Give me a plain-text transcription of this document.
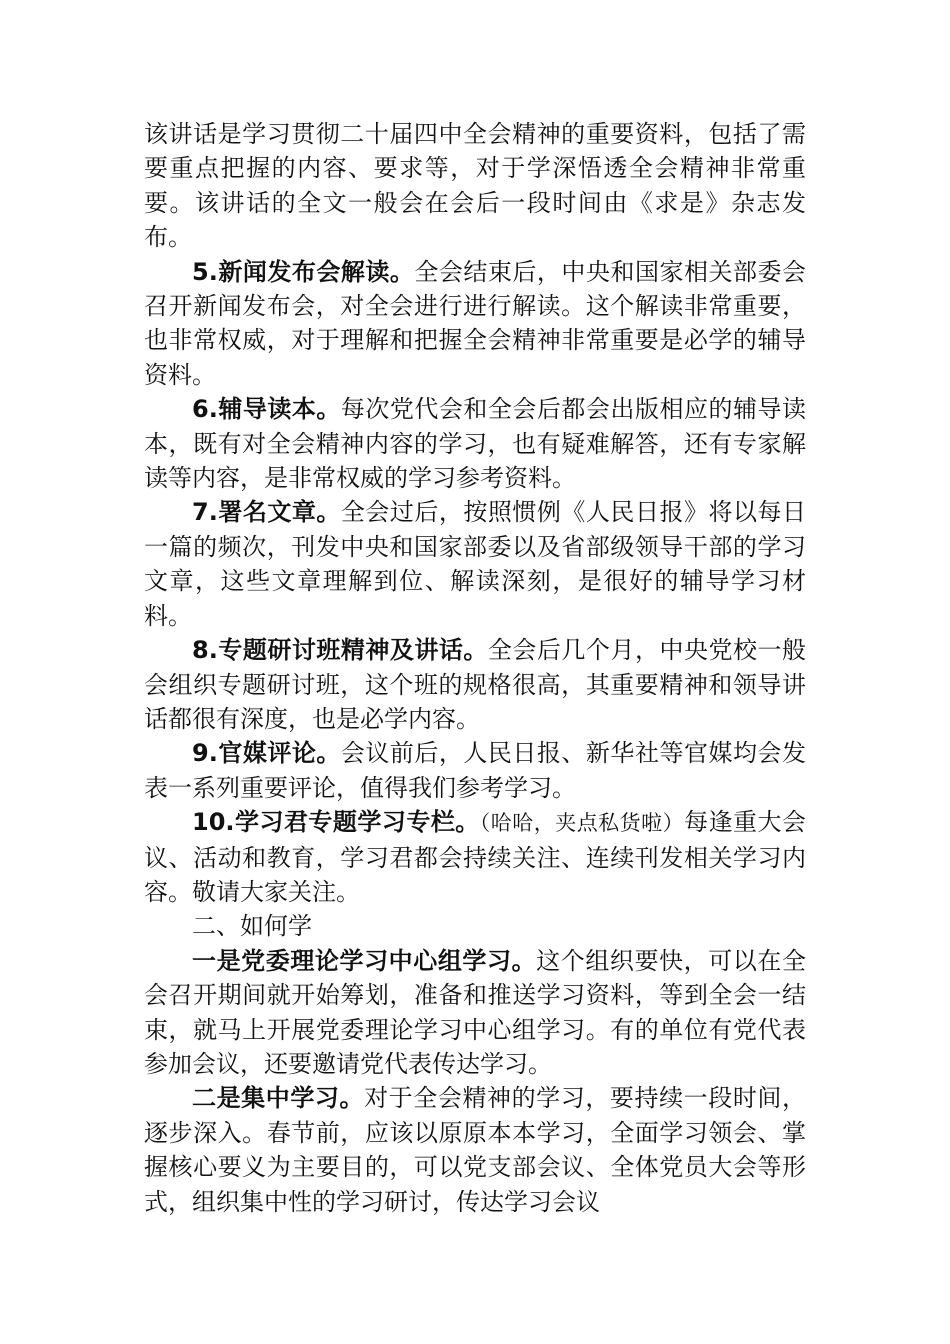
该讲话是学习贯彻二十届四中全会精神的重要资料，包括了需要重点把握的内容、要求等，对于学深悟透全会精神非常重要。该讲话的全文一般会在会后一段时间由《求是》杂志发布。

5.新闻发布会解读。全会结束后，中央和国家相关部委会召开新闻发布会，对全会进行进行解读。这个解读非常重要，也非常权威，对于理解和把握全会精神非常重要是必学的辅导资料。

6.辅导读本。每次党代会和全会后都会出版相应的辅导读本，既有对全会精神内容的学习，也有疑难解答，还有专家解读等内容，是非常权威的学习参考资料。

7.署名文章。全会过后，按照惯例《人民日报》将以每日一篇的频次，刊发中央和国家部委以及省部级领导干部的学习文章，这些文章理解到位、解读深刻，是很好的辅导学习材料。

8.专题研讨班精神及讲话。全会后几个月，中央党校一般会组织专题研讨班，这个班的规格很高，其重要精神和领导讲话都很有深度，也是必学内容。

9.官媒评论。会议前后，人民日报、新华社等官媒均会发表一系列重要评论，值得我们参考学习。

10.学习君专题学习专栏。（哈哈，夹点私货啦）每逢重大会议、活动和教育，学习君都会持续关注、连续刊发相关学习内容。敬请大家关注。

二、如何学

一是党委理论学习中心组学习。这个组织要快，可以在全会召开期间就开始筹划，准备和推送学习资料，等到全会一结束，就马上开展党委理论学习中心组学习。有的单位有党代表参加会议，还要邀请党代表传达学习。

二是集中学习。对于全会精神的学习，要持续一段时间，逐步深入。春节前，应该以原原本本学习，全面学习领会、掌握核心要义为主要目的，可以党支部会议、全体党员大会等形式，组织集中性的学习研讨，传达学习会议
